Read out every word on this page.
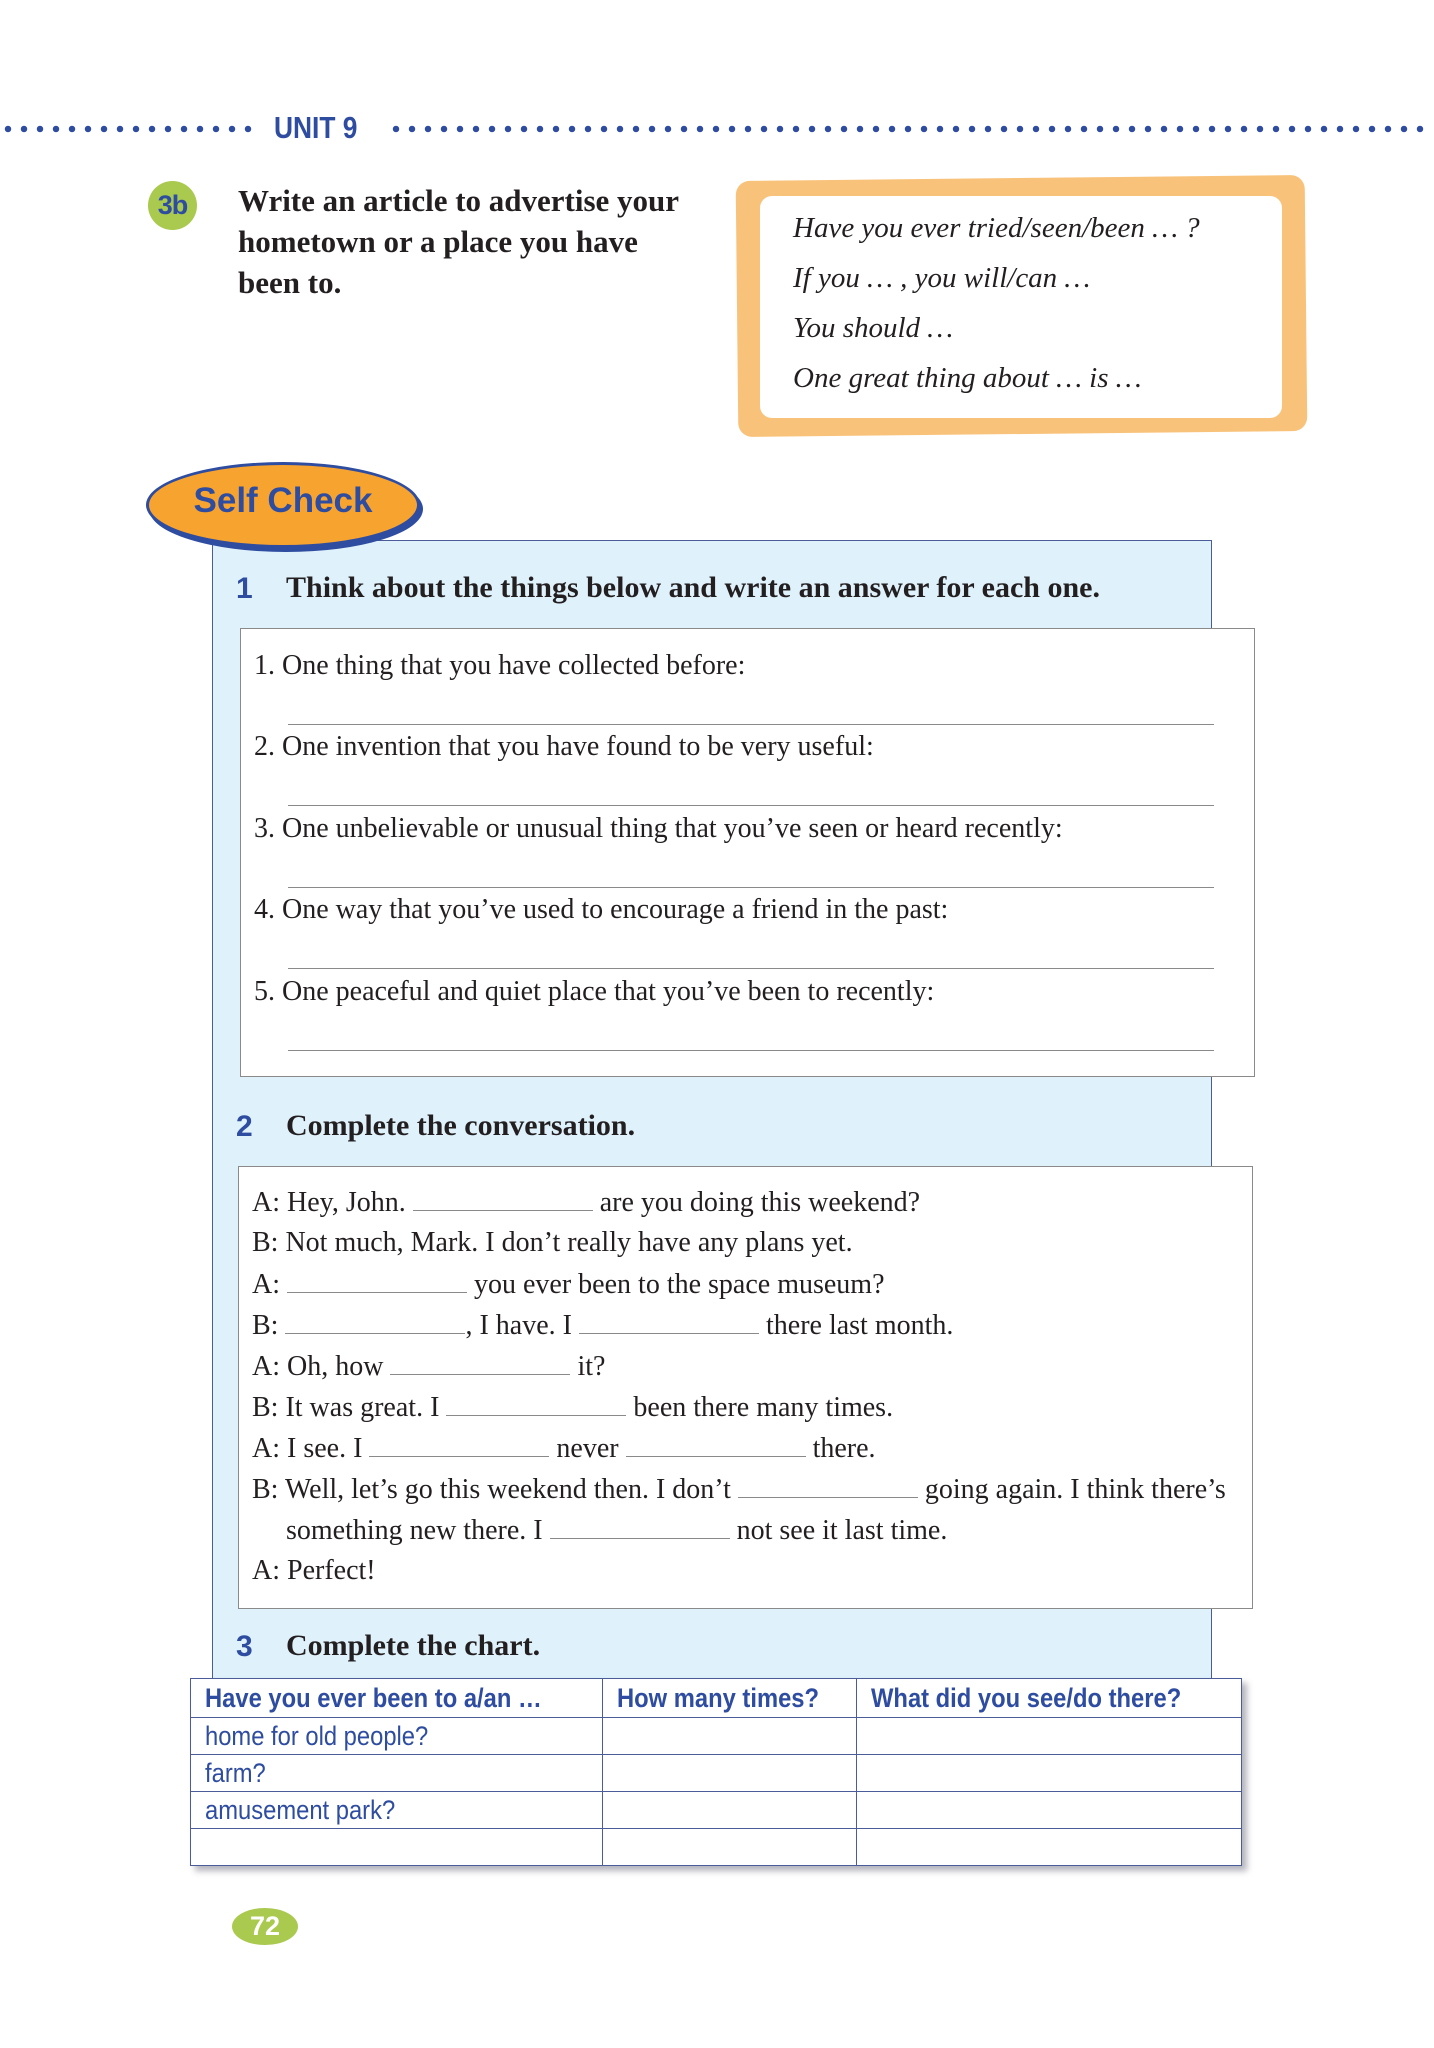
UNIT 9
3b	Write an article to advertise your
hometown or a place you have
been to.
Have you ever tried/seen/been … ?
If you … , you will/can …
You should …
One great thing about … is …
Self Check
1 Think about the things below and write an answer for each one.
1. One thing that you have collected before:
2. One invention that you have found to be very useful:
3. One unbelievable or unusual thing that you’ve seen or heard recently:
4. One way that you’ve used to encourage a friend in the past:
5. One peaceful and quiet place that you’ve been to recently:
2 Complete the conversation.
A: Hey, John.	are you doing this weekend?
B: Not much, Mark. I don’t really have any plans yet.
A:	you ever been to the space museum?
B:	, I have. I	there last month.
A: Oh, how	it?
B: It was great. I	been there many times.
A: I see. I	never	there.
B: Well, let’s go this weekend then. I don’t	going again. I think there’s
something new there. I	not see it last time.
A: Perfect!
3 Complete the chart.
Have you ever been to a/an …	How many times?	What did you see/do there?
home for old people?		
farm?		
amusement park?		

72
